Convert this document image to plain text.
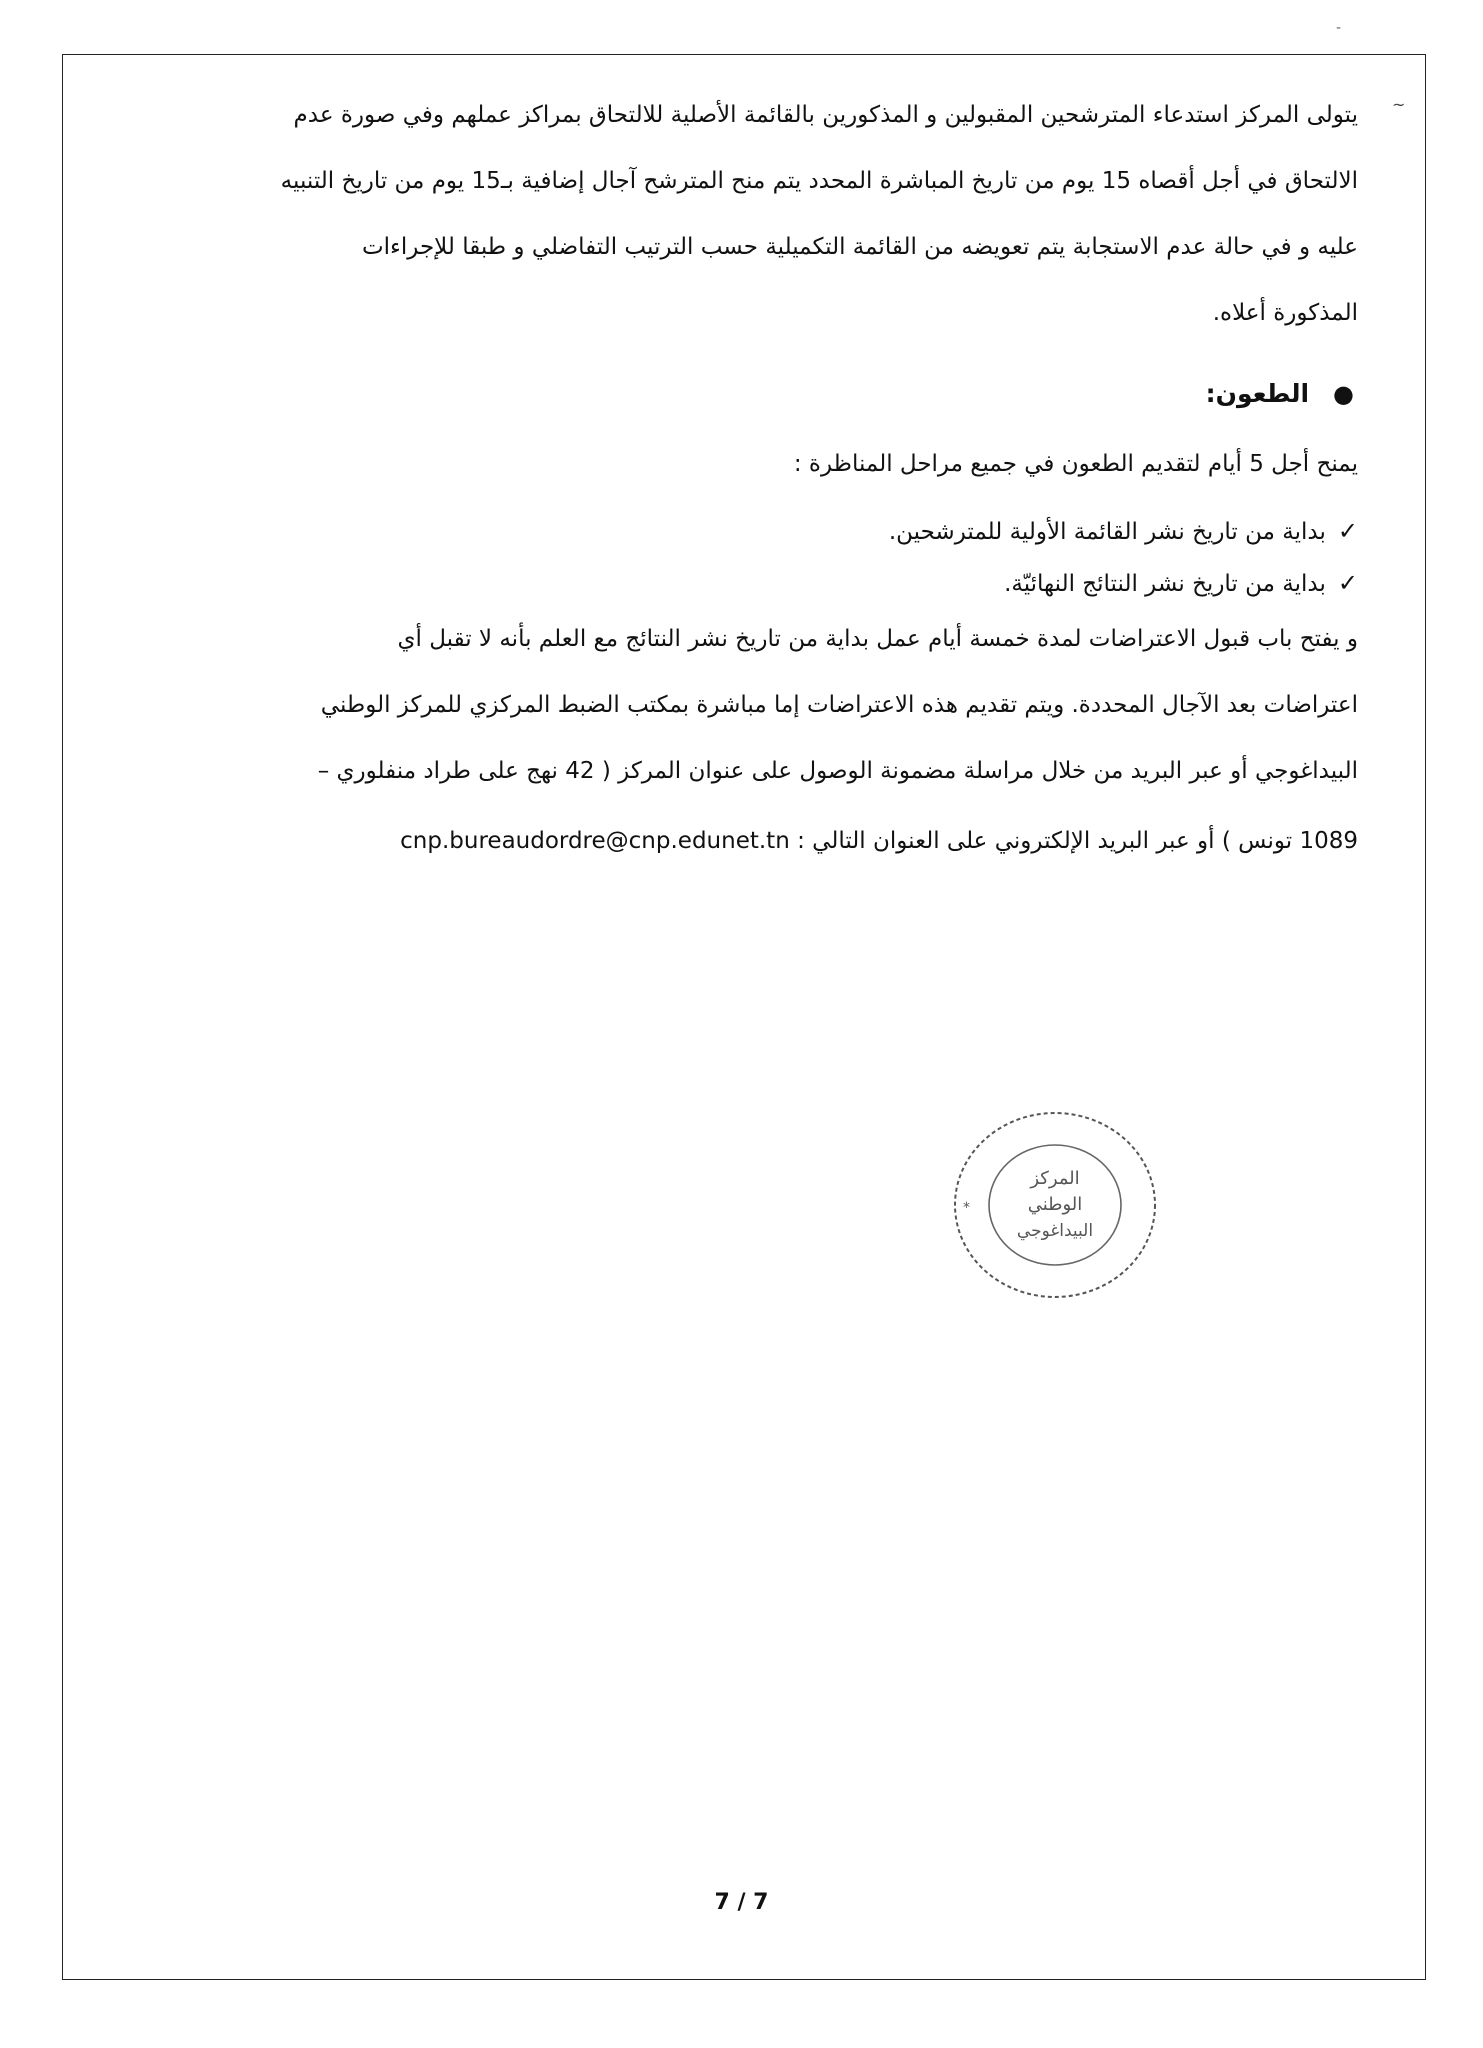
-
~
يتولى المركز استدعاء المترشحين المقبولين و المذكورين بالقائمة الأصلية للالتحاق بمراكز عملهم وفي صورة عدم
الالتحاق في أجل أقصاه 15 يوم من تاريخ المباشرة المحدد يتم منح المترشح آجال إضافية بـ15 يوم من تاريخ التنبيه
عليه و في حالة عدم الاستجابة يتم تعويضه من القائمة التكميلية حسب الترتيب التفاضلي و طبقا للإجراءات
المذكورة أعلاه.
●الطعون:
يمنح أجل 5 أيام لتقديم الطعون في جميع مراحل المناظرة :
✓بداية من تاريخ نشر القائمة الأولية للمترشحين.
✓بداية من تاريخ نشر النتائج النهائيّة.
و يفتح باب قبول الاعتراضات لمدة خمسة أيام عمل بداية من تاريخ نشر النتائج مع العلم بأنه لا تقبل أي
اعتراضات بعد الآجال المحددة. ويتم تقديم هذه الاعتراضات إما مباشرة بمكتب الضبط المركزي للمركز الوطني
البيداغوجي أو عبر البريد من خلال مراسلة مضمونة الوصول على عنوان المركز ( 42 نهج على طراد منفلوري –
1089 تونس ) أو عبر البريد الإلكتروني على العنوان التالي : cnp.bureaudordre@cnp.edunet.tn
المركز
الوطني
البيداغوجي
*
7 / 7
